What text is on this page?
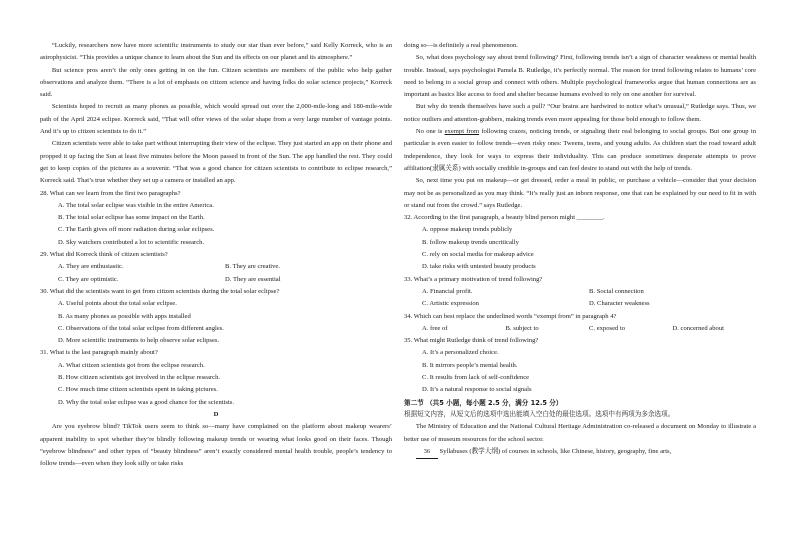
“Luckily, researchers now have more scientific instruments to study our star than ever before,” said Kelly Korreck, who is an astrophysicist. “This provides a unique chance to learn about the Sun and its effects on our planet and its atmosphere.”

But science pros aren’t the only ones getting in on the fun. Citizen scientists are members of the public who help gather observations and analyze them. “There is a lot of emphasis on citizen science and having folks do solar science projects,” Korreck said.

Scientists hoped to recruit as many phones as possible, which would spread out over the 2,000-mile-long and 180-mile-wide path of the April 2024 eclipse. Korreck said, “That will offer views of the solar shape from a very large number of vantage points. And it’s up to citizen scientists to do it.”

Citizen scientists were able to take part without interrupting their view of the eclipse. They just started an app on their phone and propped it up facing the Sun at least five minutes before the Moon passed in front of the Sun. The app handled the rest. They could get to keep copies of the pictures as a souvenir. “That was a good chance for citizen scientists to contribute to eclipse research,” Korreck said. That’s true whether they set up a camera or installed an app.

28. What can we learn from the first two paragraphs?

A. The total solar eclipse was visible in the entire America.

B. The total solar eclipse has some impact on the Earth.

C. The Earth gives off more radiation during solar eclipses.

D. Sky watchers contributed a lot to scientific research.

29. What did Korreck think of citizen scientists?

A. They are enthusiastic.	B. They are creative.
C. They are optimistic.	D. They are essential

30. What did the scientists want to get from citizen scientists during the total solar eclipse?

A. Useful points about the total solar eclipse.

B. As many phones as possible with apps installed

C. Observations of the total solar eclipse from different angles.

D. More scientific instruments to help observe solar eclipses.

31. What is the last paragraph mainly about?

A. What citizen scientists got from the eclipse research.

B. How citizen scientists got involved in the eclipse research.

C. How much time citizen scientists spent in taking pictures.

D. Why the total solar eclipse was a good chance for the scientists.

D

Are you eyebrow blind? TikTok users seem to think so—many have complained on the platform about makeup wearers’ apparent inability to spot whether they’re blindly following makeup trends or wearing what looks good on their faces. Though “eyebrow blindness” and other types of “beauty blindness” aren’t exactly considered mental health trouble, people’s tendency to follow trends—even when they look silly or take risks

doing so—is definitely a real phenomenon.

So, what does psychology say about trend following? First, following trends isn’t a sign of character weakness or mental health trouble. Instead, says psychologist Pamela B. Rutledge, it’s perfectly normal. The reason for trend following relates to humans’ core need to belong to a social group and connect with others. Multiple psychological frameworks argue that human connections are as important as basics like access to food and shelter because humans evolved to rely on one another for survival.

But why do trends themselves have such a pull? “Our brains are hardwired to notice what’s unusual,” Rutledge says. Thus, we notice outliers and attention-grabbers, making trends even more appealing for those bold enough to follow them.

No one is exempt from following crazes, noticing trends, or signaling their real belonging to social groups. But one group in particular is even easier to follow trends—even risky ones: Tweens, teens, and young adults. As children start the road toward adult independence, they look for ways to express their individuality. This can produce sometimes desperate attempts to prove affiliation(隶属关系) with socially credible in-groups and can feel desire to stand out with the help of trends.

So, next time you put on makeup—or get dressed, order a meal in public, or purchase a vehicle—consider that your decision may not be as personalized as you may think. “It’s really just an inborn response, one that can be explained by our need to fit in with or stand out from the crowd.” says Rutledge.

32. According to the first paragraph, a beauty blind person might ________.

A. oppose makeup trends publicly

B. follow makeup trends uncritically

C. rely on social media for makeup advice

D. take risks with untested beauty products

33. What’s a primary motivation of trend following?

A. Financial profit.	B. Social connection
C. Artistic expression	D. Character weakness

34. Which can best replace the underlined words “exempt from” in paragraph 4?

A. free of	B. subject to	C. exposed to	D. concerned about

35. What might Rutledge think of trend following?

A. It’s a personalized choice.

B. It mirrors people’s mental health.

C. It results from lack of self-confidence

D. It’s a natural response to social signals

第二节 （共5 小题，每小题 2.5 分，满分 12.5 分）

根据短文内容，从短文后的选项中选出能填入空白处的最佳选项。选项中有两项为多余选项。

The Ministry of Education and the National Cultural Heritage Administration co-released a document on Monday to illustrate a better use of museum resources for the school sector.

36 Syllabuses (教学大纲) of courses in schools, like Chinese, history, geography, fine arts,
